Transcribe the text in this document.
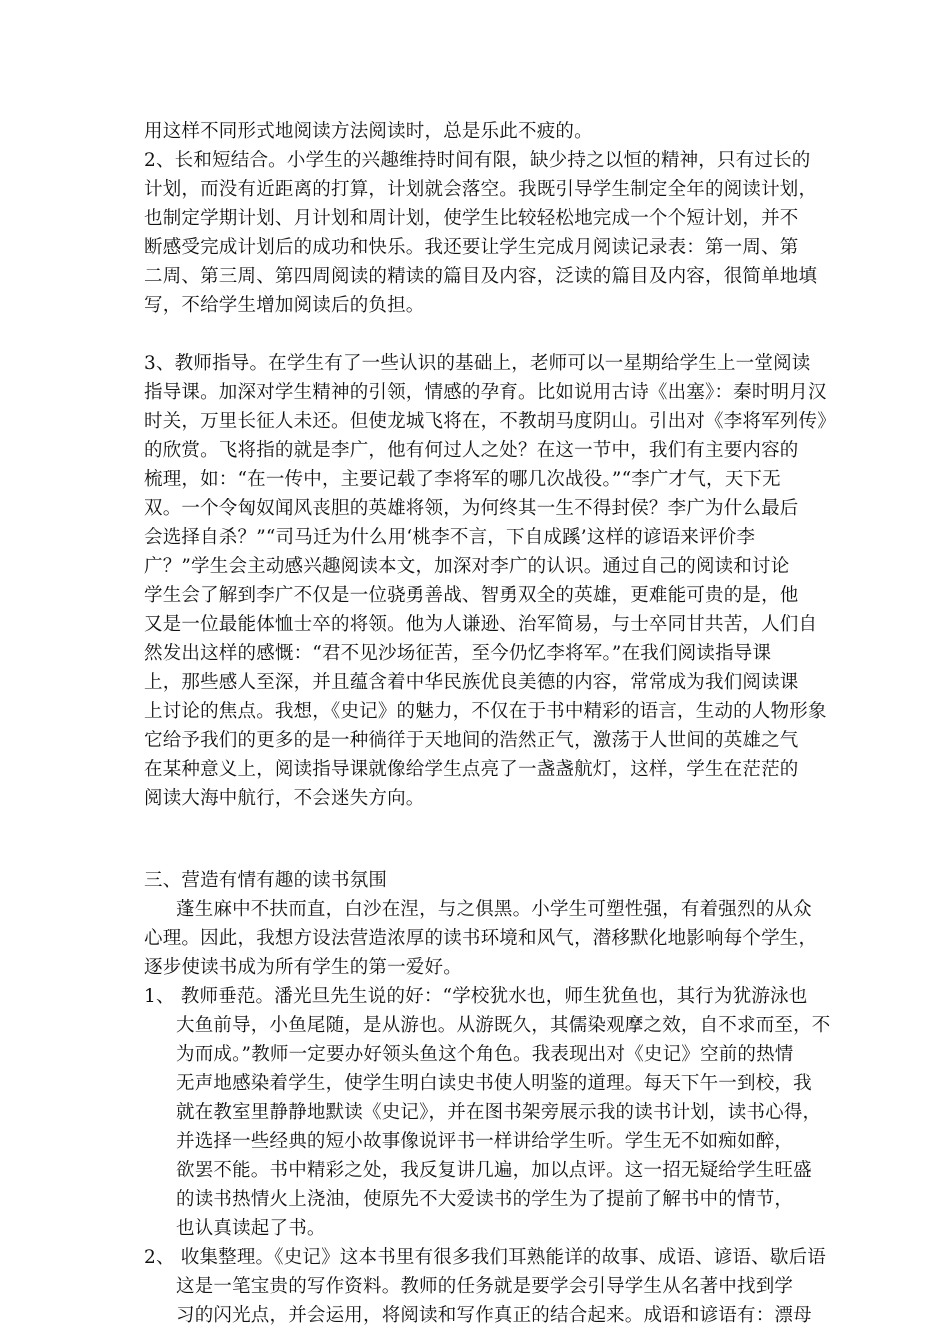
用这样不同形式地阅读方法阅读时，总是乐此不疲的。
2、长和短结合。小学生的兴趣维持时间有限，缺少持之以恒的精神，只有过长的
计划，而没有近距离的打算，计划就会落空。我既引导学生制定全年的阅读计划，
也制定学期计划、月计划和周计划，使学生比较轻松地完成一个个短计划，并不
断感受完成计划后的成功和快乐。我还要让学生完成月阅读记录表：第一周、第
二周、第三周、第四周阅读的精读的篇目及内容，泛读的篇目及内容，很简单地填
写，不给学生增加阅读后的负担。
3、教师指导。在学生有了一些认识的基础上，老师可以一星期给学生上一堂阅读
指导课。加深对学生精神的引领，情感的孕育。比如说用古诗《出塞》：秦时明月汉
时关，万里长征人未还。但使龙城飞将在，不教胡马度阴山。引出对《李将军列传》
的欣赏。飞将指的就是李广，他有何过人之处？在这一节中，我们有主要内容的
梳理，如：“在一传中，主要记载了李将军的哪几次战役。”“李广才气，天下无
双。一个令匈奴闻风丧胆的英雄将领，为何终其一生不得封侯？李广为什么最后
会选择自杀？”“司马迁为什么用‘桃李不言，下自成蹊’这样的谚语来评价李
广？”学生会主动感兴趣阅读本文，加深对李广的认识。通过自己的阅读和讨论
学生会了解到李广不仅是一位骁勇善战、智勇双全的英雄，更难能可贵的是，他
又是一位最能体恤士卒的将领。他为人谦逊、治军简易，与士卒同甘共苦，人们自
然发出这样的感慨：“君不见沙场征苦，至今仍忆李将军。”在我们阅读指导课
上，那些感人至深，并且蕴含着中华民族优良美德的内容，常常成为我们阅读课
上讨论的焦点。我想，《史记》的魅力，不仅在于书中精彩的语言，生动的人物形象
它给予我们的更多的是一种徜徉于天地间的浩然正气，激荡于人世间的英雄之气
在某种意义上，阅读指导课就像给学生点亮了一盏盏航灯，这样，学生在茫茫的
阅读大海中航行，不会迷失方向。
三、营造有情有趣的读书氛围
蓬生麻中不扶而直，白沙在涅，与之俱黑。小学生可塑性强，有着强烈的从众
心理。因此，我想方设法营造浓厚的读书环境和风气，潜移默化地影响每个学生，
逐步使读书成为所有学生的第一爱好。
1、 教师垂范。潘光旦先生说的好：“学校犹水也，师生犹鱼也，其行为犹游泳也
大鱼前导，小鱼尾随，是从游也。从游既久，其儒染观摩之效，自不求而至，不
为而成。”教师一定要办好领头鱼这个角色。我表现出对《史记》空前的热情
无声地感染着学生，使学生明白读史书使人明鉴的道理。每天下午一到校，我
就在教室里静静地默读《史记》，并在图书架旁展示我的读书计划，读书心得，
并选择一些经典的短小故事像说评书一样讲给学生听。学生无不如痴如醉，
欲罢不能。书中精彩之处，我反复讲几遍，加以点评。这一招无疑给学生旺盛
的读书热情火上浇油，使原先不大爱读书的学生为了提前了解书中的情节，
也认真读起了书。
2、 收集整理。《史记》这本书里有很多我们耳熟能详的故事、成语、谚语、歇后语
这是一笔宝贵的写作资料。教师的任务就是要学会引导学生从名著中找到学
习的闪光点，并会运用，将阅读和写作真正的结合起来。成语和谚语有：漂母
